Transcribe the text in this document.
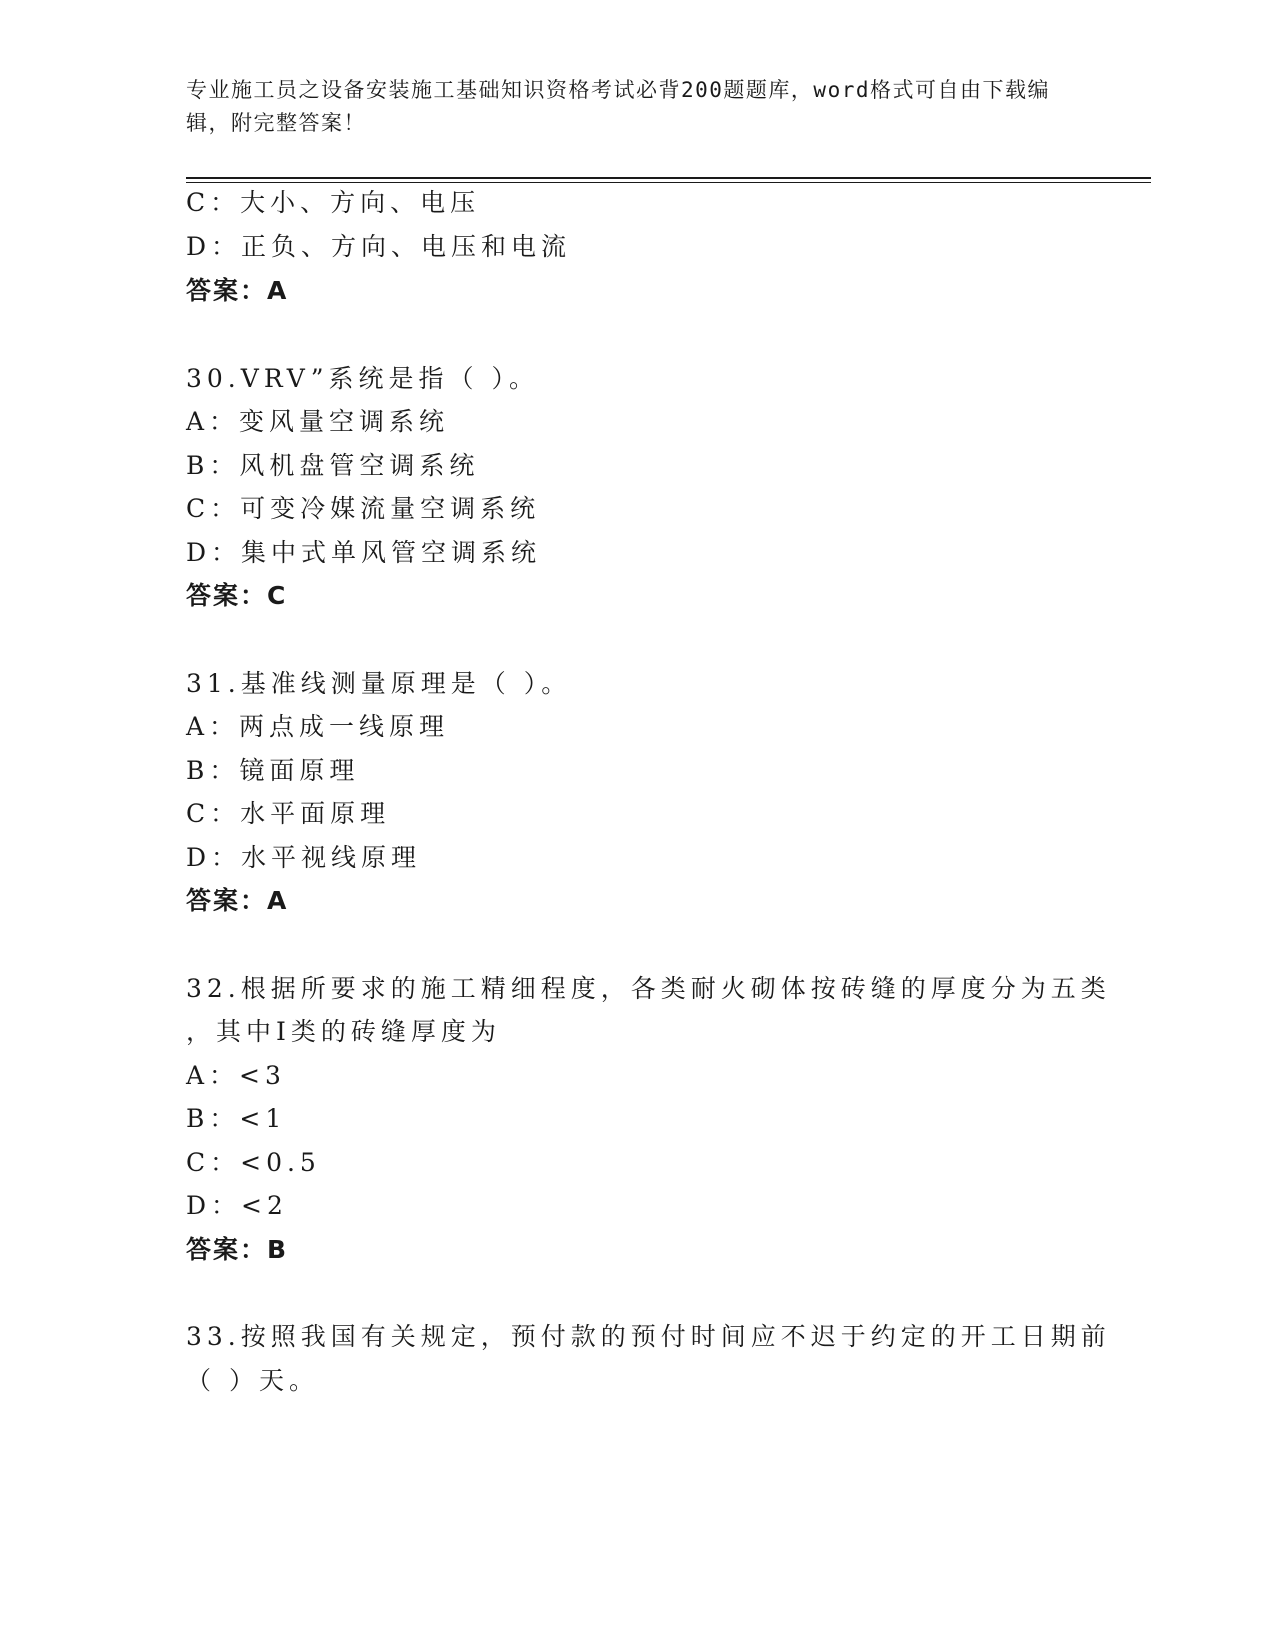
专业施工员之设备安装施工基础知识资格考试必背200题题库，word格式可自由下载编辑，附完整答案！
C：大小、方向、电压
D：正负、方向、电压和电流
答案：A
30.VRV”系统是指（ ）。
A：变风量空调系统
B：风机盘管空调系统
C：可变冷媒流量空调系统
D：集中式单风管空调系统
答案：C
31.基准线测量原理是（ ）。
A：两点成一线原理
B：镜面原理
C：水平面原理
D：水平视线原理
答案：A
32.根据所要求的施工精细程度，各类耐火砌体按砖缝的厚度分为五类
，其中Ⅰ类的砖缝厚度为
A：<3
B：<1
C：<0.5
D：<2
答案：B
33.按照我国有关规定，预付款的预付时间应不迟于约定的开工日期前
（ ）天。
